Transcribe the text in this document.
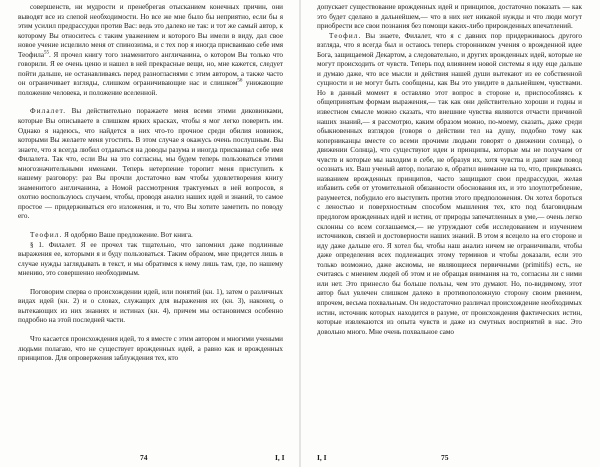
совершенств, ни мудрости и пренебрегая отысканием конечных причин, они выводят все из слепой необходимости. Но все же мне было бы неприятно, если бы я этим усилил предрассудки против Вас: ведь это далеко не так: и тот же самый автор, к которому Вы относитесь с таким уважением и которого Вы имели в виду, дал свое новое учение исцелило меня от спинозизма, и с тех пор я иногда присваиваю себе имя Теофила$^{55}$. Я прочел книгу того знаменитого англичанина, о котором Вы только что говорили. Я ее очень ценю и нашел в ней прекрасные вещи, но, мне кажется, следует пойти дальше, не останавливаясь перед разногласиями с этим автором, а также часто он ограничивает взгляды, слишком ограничивающие нас и слишком$^{56}$ унижающие положение человека, и положение вселенной.

Филалет. Вы действительно поражаете меня всеми этими диковинками, которые Вы описываете в слишком ярких красках, чтобы я мог легко поверить им. Однако я надеюсь, что найдется в них что-то прочное среди обилия новинок, которыми Вы желаете меня угостить. В этом случае я окажусь очень послушным. Вы знаете, что я всегда любил отдаваться на доводы разума и иногда присваивал себе имя Филалета. Так что, если Вы на это согласны, мы будем теперь пользоваться этими многозначительными именами. Теперь нетерпение торопит меня приступить к нашему разговору: раз Вы прочли достаточно вам чтобы удовлетворения книгу знаменитого англичанина, а Номой рассмотрения трактуемых в ней вопросов, я охотно воспользуюсь случаем, чтобы, проводя анализ наших идей и знаний, то самое простое — придерживаться его изложения, и то, что Вы хотите заметить по поводу его.

Теофил. Я одобряю Ваше предложение. Вот книга.

§ 1. Филалет. Я ее прочел так тщательно, что запомнил даже подлинные выражения ее, которыми я и буду пользоваться. Таким образом, мне придется лишь в случае нужды заглядывать в текст, и мы обратимся к нему лишь там, где, по нашему мнению, это совершенно необходимым.

Поговорим сперва о происхождении идей, или понятий (кн. 1), затем о различных видах идей (кн. 2) и о словах, служащих для выражения их (кн. 3), наконец, о вытекающих из них знаниях и истинах (кн. 4), причем мы остановимся особенно подробно на этой последней части.

Что касается происхождения идей, то я вместе с этим автором и многими учеными людьми полагаю, что не существует врожденных идей, а равно как и врожденных принципов. Для опровержения заблуждения тех, кто

74	I, I

допускает существование врожденных идей и принципов, достаточно показать — как это будет сделано в дальнейшем,— что в них нет никакой нужды и что люди могут приобрести все свои познания без помощи каких-либо прирожденных впечатлений.

Теофил. Вы знаете, Филалет, что я с давних пор придерживаюсь другого взгляда, что я всегда был и остаюсь теперь сторонником учения о врожденной идее Бога, защищаемой Декартом, а следовательно, и других врожденных идей, которые не могут происходить от чувств. Теперь под влиянием новой системы я иду еще дальше и думаю даже, что все мысли и действия нашей души вытекают из ее собственной сущности и не могут быть сообщены, как Вы это увидите в дальнейшем, чувствами. Но в данный момент я оставляю этот вопрос в стороне и, приспособляясь к общепринятым формам выражения,— так как они действительно хороши и годны и известном смысле можно сказать, что внешние чувства являются отчасти причиной наших знаний,— я рассмотрю, каким образом можно, по-моему, сказать, даже среди обыкновенных взглядов (говоря о действии тел на душу, подобно тому как коперниканцы вместе со всеми прочими людьми говорят о движении солнца), о движении Солнца), что существуют идеи и принципы, которые мы не получаем от чувств и которые мы находим в себе, не образуя их, хотя чувства и дают нам повод осознать их. Ваш ученый автор, полагаю я, обратил внимание на то, что, прикрываясь названием врожденных принципов, часто защищают свои предрассудки, желая избавить себя от утомительной обязанности обоснования их, и это злоупотребление, разумеется, побудило его выступить против этого предположения. Он хотел бороться с леностью и поверхностным способом мышления тех, кто под благовидным предлогом врожденных идей и истин, от природы запечатленных в уме,— очень легко склонны со всем соглашаемся,— не утруждают себя исследованием и изучением источников, связей и достоверности наших знаний. В этом я всецело на его стороне и иду даже дальше его. Я хотел бы, чтобы наш анализ ничем не ограничивали, чтобы даже определения всех подлежащих этому терминов и чтобы доказали, если это только возможно, даже аксиомы, не являющиеся первичными (primitifs) есть, не считаясь с мнением людей об этом и не обращая внимания на то, согласны ли с ними или нет. Это принесло бы больше пользы, чем это думают. Но, по-видимому, этот автор был увлечен слишком далеко в противоположную сторону своим рвением, впрочем, весьма похвальным. Он недостаточно различал происхождение необходимых истин, источник которых находится в разуме, от происхождения фактических истин, которые извлекаются из опыта чувств и даже из смутных восприятий в нас. Это довольно много. Мне очень похвальное само

I, I	75
